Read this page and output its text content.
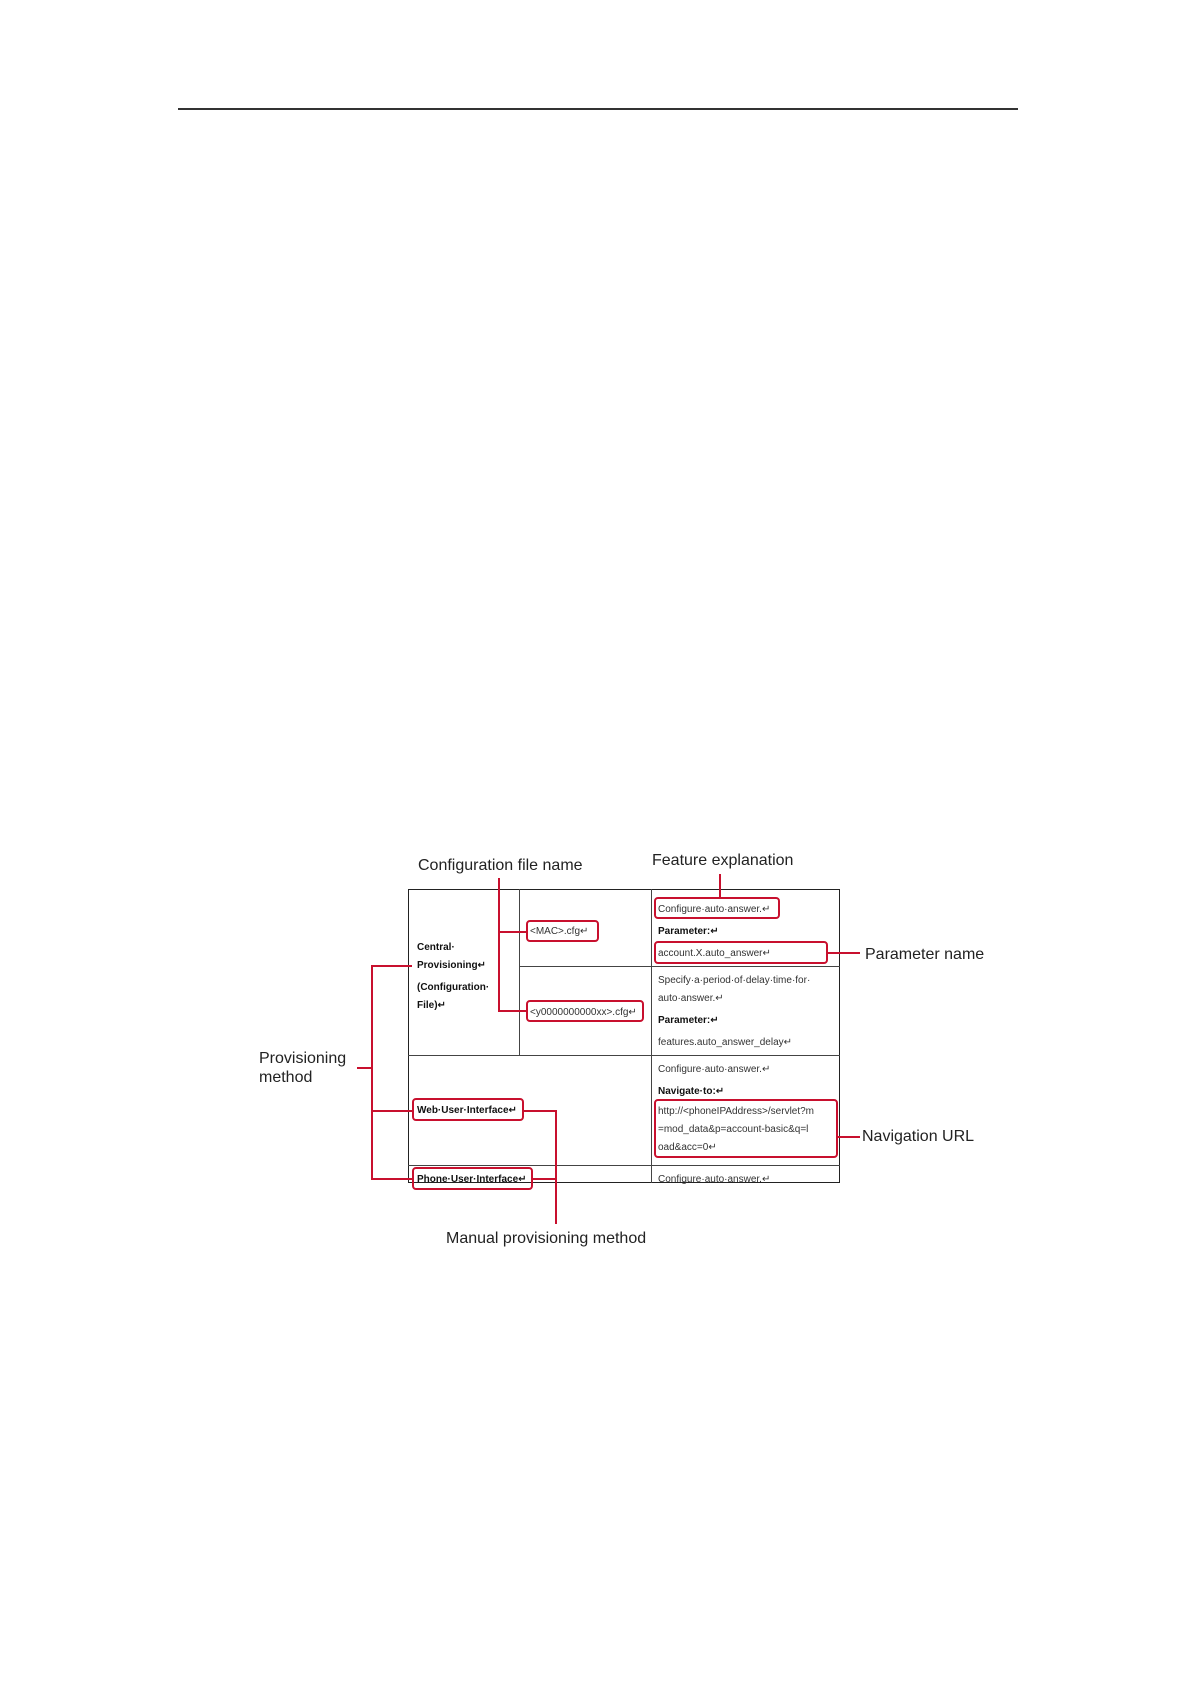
Configuration file name	Feature explanation
Parameter name
Provisioning
method
Navigation URL
Manual provisioning method
Central·
Provisioning↵
(Configuration·
File)↵
Web·User·Interface↵
Phone·User·Interface↵
<MAC>.cfg↵
<y0000000000xx>.cfg↵
Configure·auto·answer.↵
Parameter:↵
account.X.auto_answer↵
Specify·a·period·of·delay·time·for·
auto·answer.↵
Parameter:↵
features.auto_answer_delay↵
Configure·auto·answer.↵
Navigate·to:↵
http://<phoneIPAddress>/servlet?m
=mod_data&p=account-basic&q=l
oad&acc=0↵
Configure·auto·answer.↵
